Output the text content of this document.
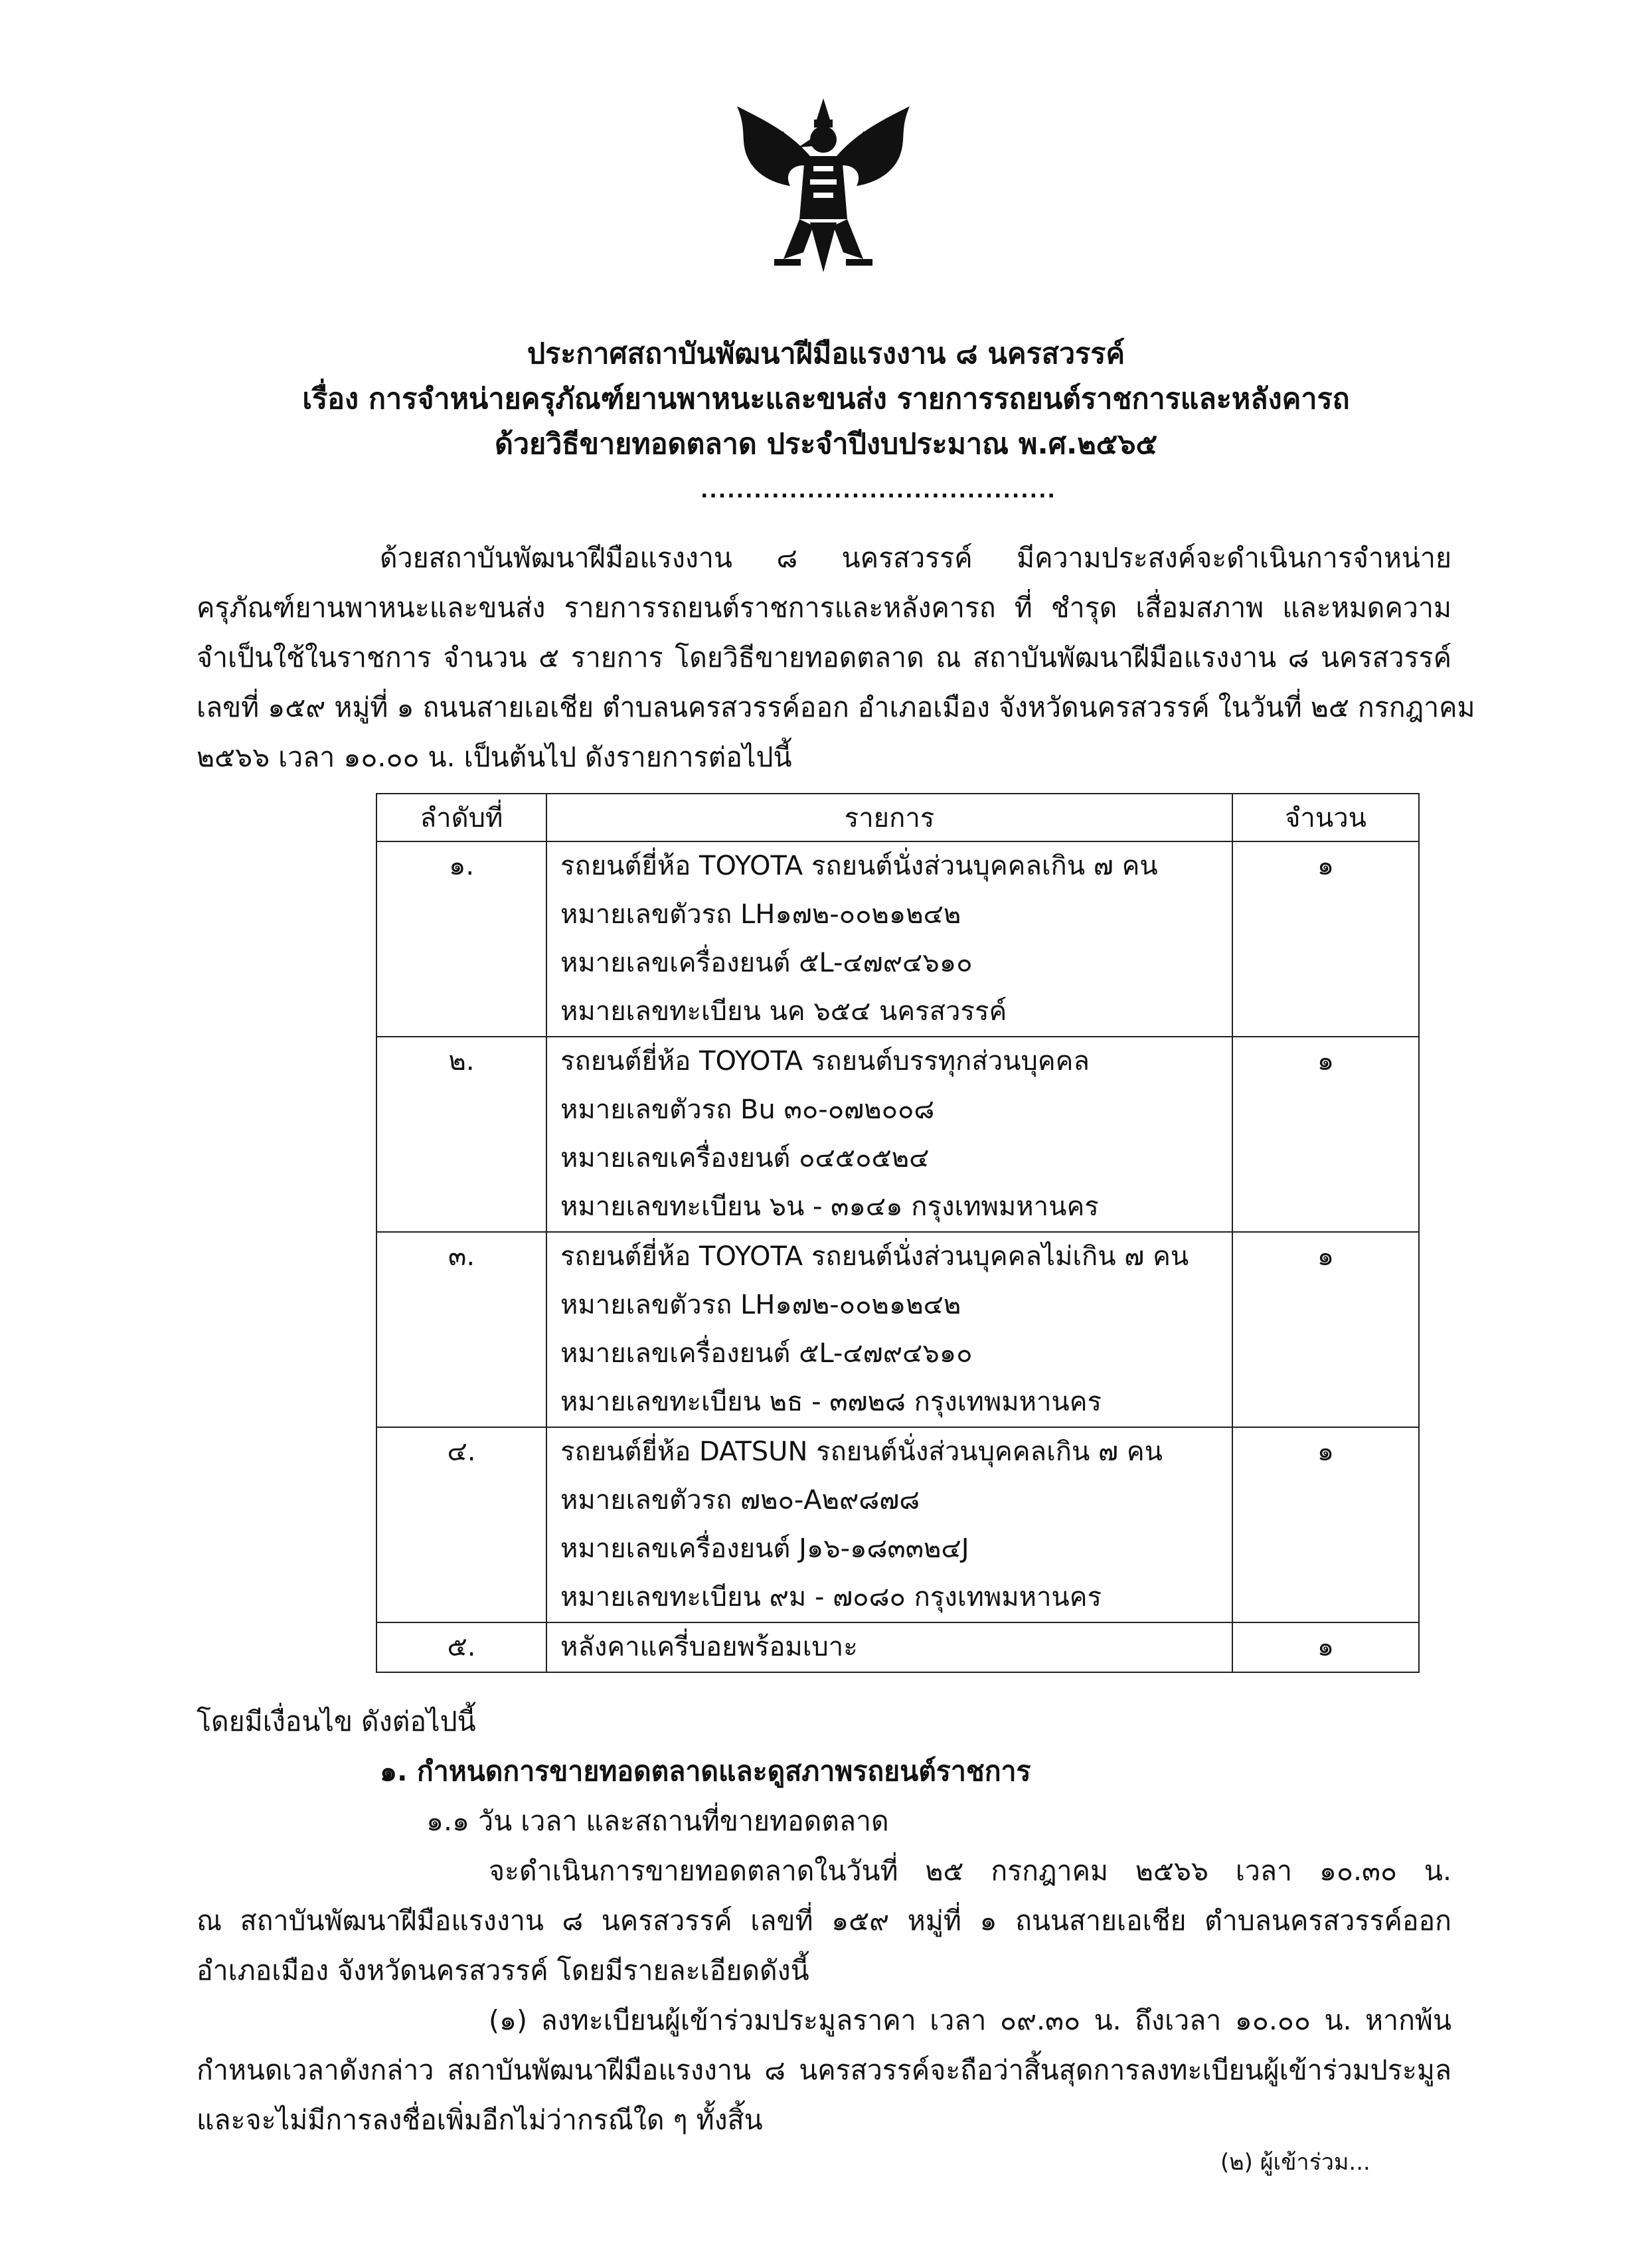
ประกาศสถาบันพัฒนาฝีมือแรงงาน ๘ นครสวรรค์
เรื่อง การจำหน่ายครุภัณฑ์ยานพาหนะและขนส่ง รายการรถยนต์ราชการและหลังคารถ
ด้วยวิธีขายทอดตลาด ประจำปีงบประมาณ พ.ศ.๒๕๖๕
........................................
ด้วยสถาบันพัฒนาฝีมือแรงงาน ๘ นครสวรรค์ มีความประสงค์จะดำเนินการจำหน่าย
ครุภัณฑ์ยานพาหนะและขนส่ง รายการรถยนต์ราชการและหลังคารถ ที่ ชำรุด เสื่อมสภาพ และหมดความ
จำเป็นใช้ในราชการ จำนวน ๕ รายการ โดยวิธีขายทอดตลาด ณ สถาบันพัฒนาฝีมือแรงงาน ๘ นครสวรรค์
เลขที่ ๑๕๙ หมู่ที่ ๑ ถนนสายเอเชีย ตำบลนครสวรรค์ออก อำเภอเมือง จังหวัดนครสวรรค์ ในวันที่ ๒๕ กรกฎาคม
๒๕๖๖ เวลา ๑๐.๐๐ น. เป็นต้นไป ดังรายการต่อไปนี้
ลำดับที่	รายการ	จำนวน

๑.	รถยนต์ยี่ห้อ TOYOTA รถยนต์นั่งส่วนบุคคลเกิน ๗ คน
หมายเลขตัวรถ LH๑๗๒-๐๐๒๑๒๔๒
หมายเลขเครื่องยนต์ ๕L-๔๗๙๔๖๑๐
หมายเลขทะเบียน นค ๖๕๔ นครสวรรค์	๑

๒.	รถยนต์ยี่ห้อ TOYOTA รถยนต์บรรทุกส่วนบุคคล
หมายเลขตัวรถ Bu ๓๐-๐๗๒๐๐๘
หมายเลขเครื่องยนต์ ๐๔๕๐๕๒๔
หมายเลขทะเบียน ๖น - ๓๑๔๑ กรุงเทพมหานคร	๑

๓.	รถยนต์ยี่ห้อ TOYOTA รถยนต์นั่งส่วนบุคคลไม่เกิน ๗ คน
หมายเลขตัวรถ LH๑๗๒-๐๐๒๑๒๔๒
หมายเลขเครื่องยนต์ ๕L-๔๗๙๔๖๑๐
หมายเลขทะเบียน ๒ธ - ๓๗๒๘ กรุงเทพมหานคร	๑

๔.	รถยนต์ยี่ห้อ DATSUN รถยนต์นั่งส่วนบุคคลเกิน ๗ คน
หมายเลขตัวรถ ๗๒๐-A๒๙๘๗๘
หมายเลขเครื่องยนต์ J๑๖-๑๘๓๓๒๔J
หมายเลขทะเบียน ๙ม - ๗๐๘๐ กรุงเทพมหานคร	๑

๕.	หลังคาแครี่บอยพร้อมเบาะ	๑
โดยมีเงื่อนไข ดังต่อไปนี้
๑. กำหนดการขายทอดตลาดและดูสภาพรถยนต์ราชการ
๑.๑ วัน เวลา และสถานที่ขายทอดตลาด
จะดำเนินการขายทอดตลาดในวันที่ ๒๕ กรกฎาคม ๒๕๖๖ เวลา ๑๐.๓๐ น.
ณ สถาบันพัฒนาฝีมือแรงงาน ๘ นครสวรรค์ เลขที่ ๑๕๙ หมู่ที่ ๑ ถนนสายเอเชีย ตำบลนครสวรรค์ออก
อำเภอเมือง จังหวัดนครสวรรค์ โดยมีรายละเอียดดังนี้
(๑) ลงทะเบียนผู้เข้าร่วมประมูลราคา เวลา ๐๙.๓๐ น. ถึงเวลา ๑๐.๐๐ น. หากพ้น
กำหนดเวลาดังกล่าว สถาบันพัฒนาฝีมือแรงงาน ๘ นครสวรรค์จะถือว่าสิ้นสุดการลงทะเบียนผู้เข้าร่วมประมูล
และจะไม่มีการลงชื่อเพิ่มอีกไม่ว่ากรณีใด ๆ ทั้งสิ้น
(๒) ผู้เข้าร่วม...
